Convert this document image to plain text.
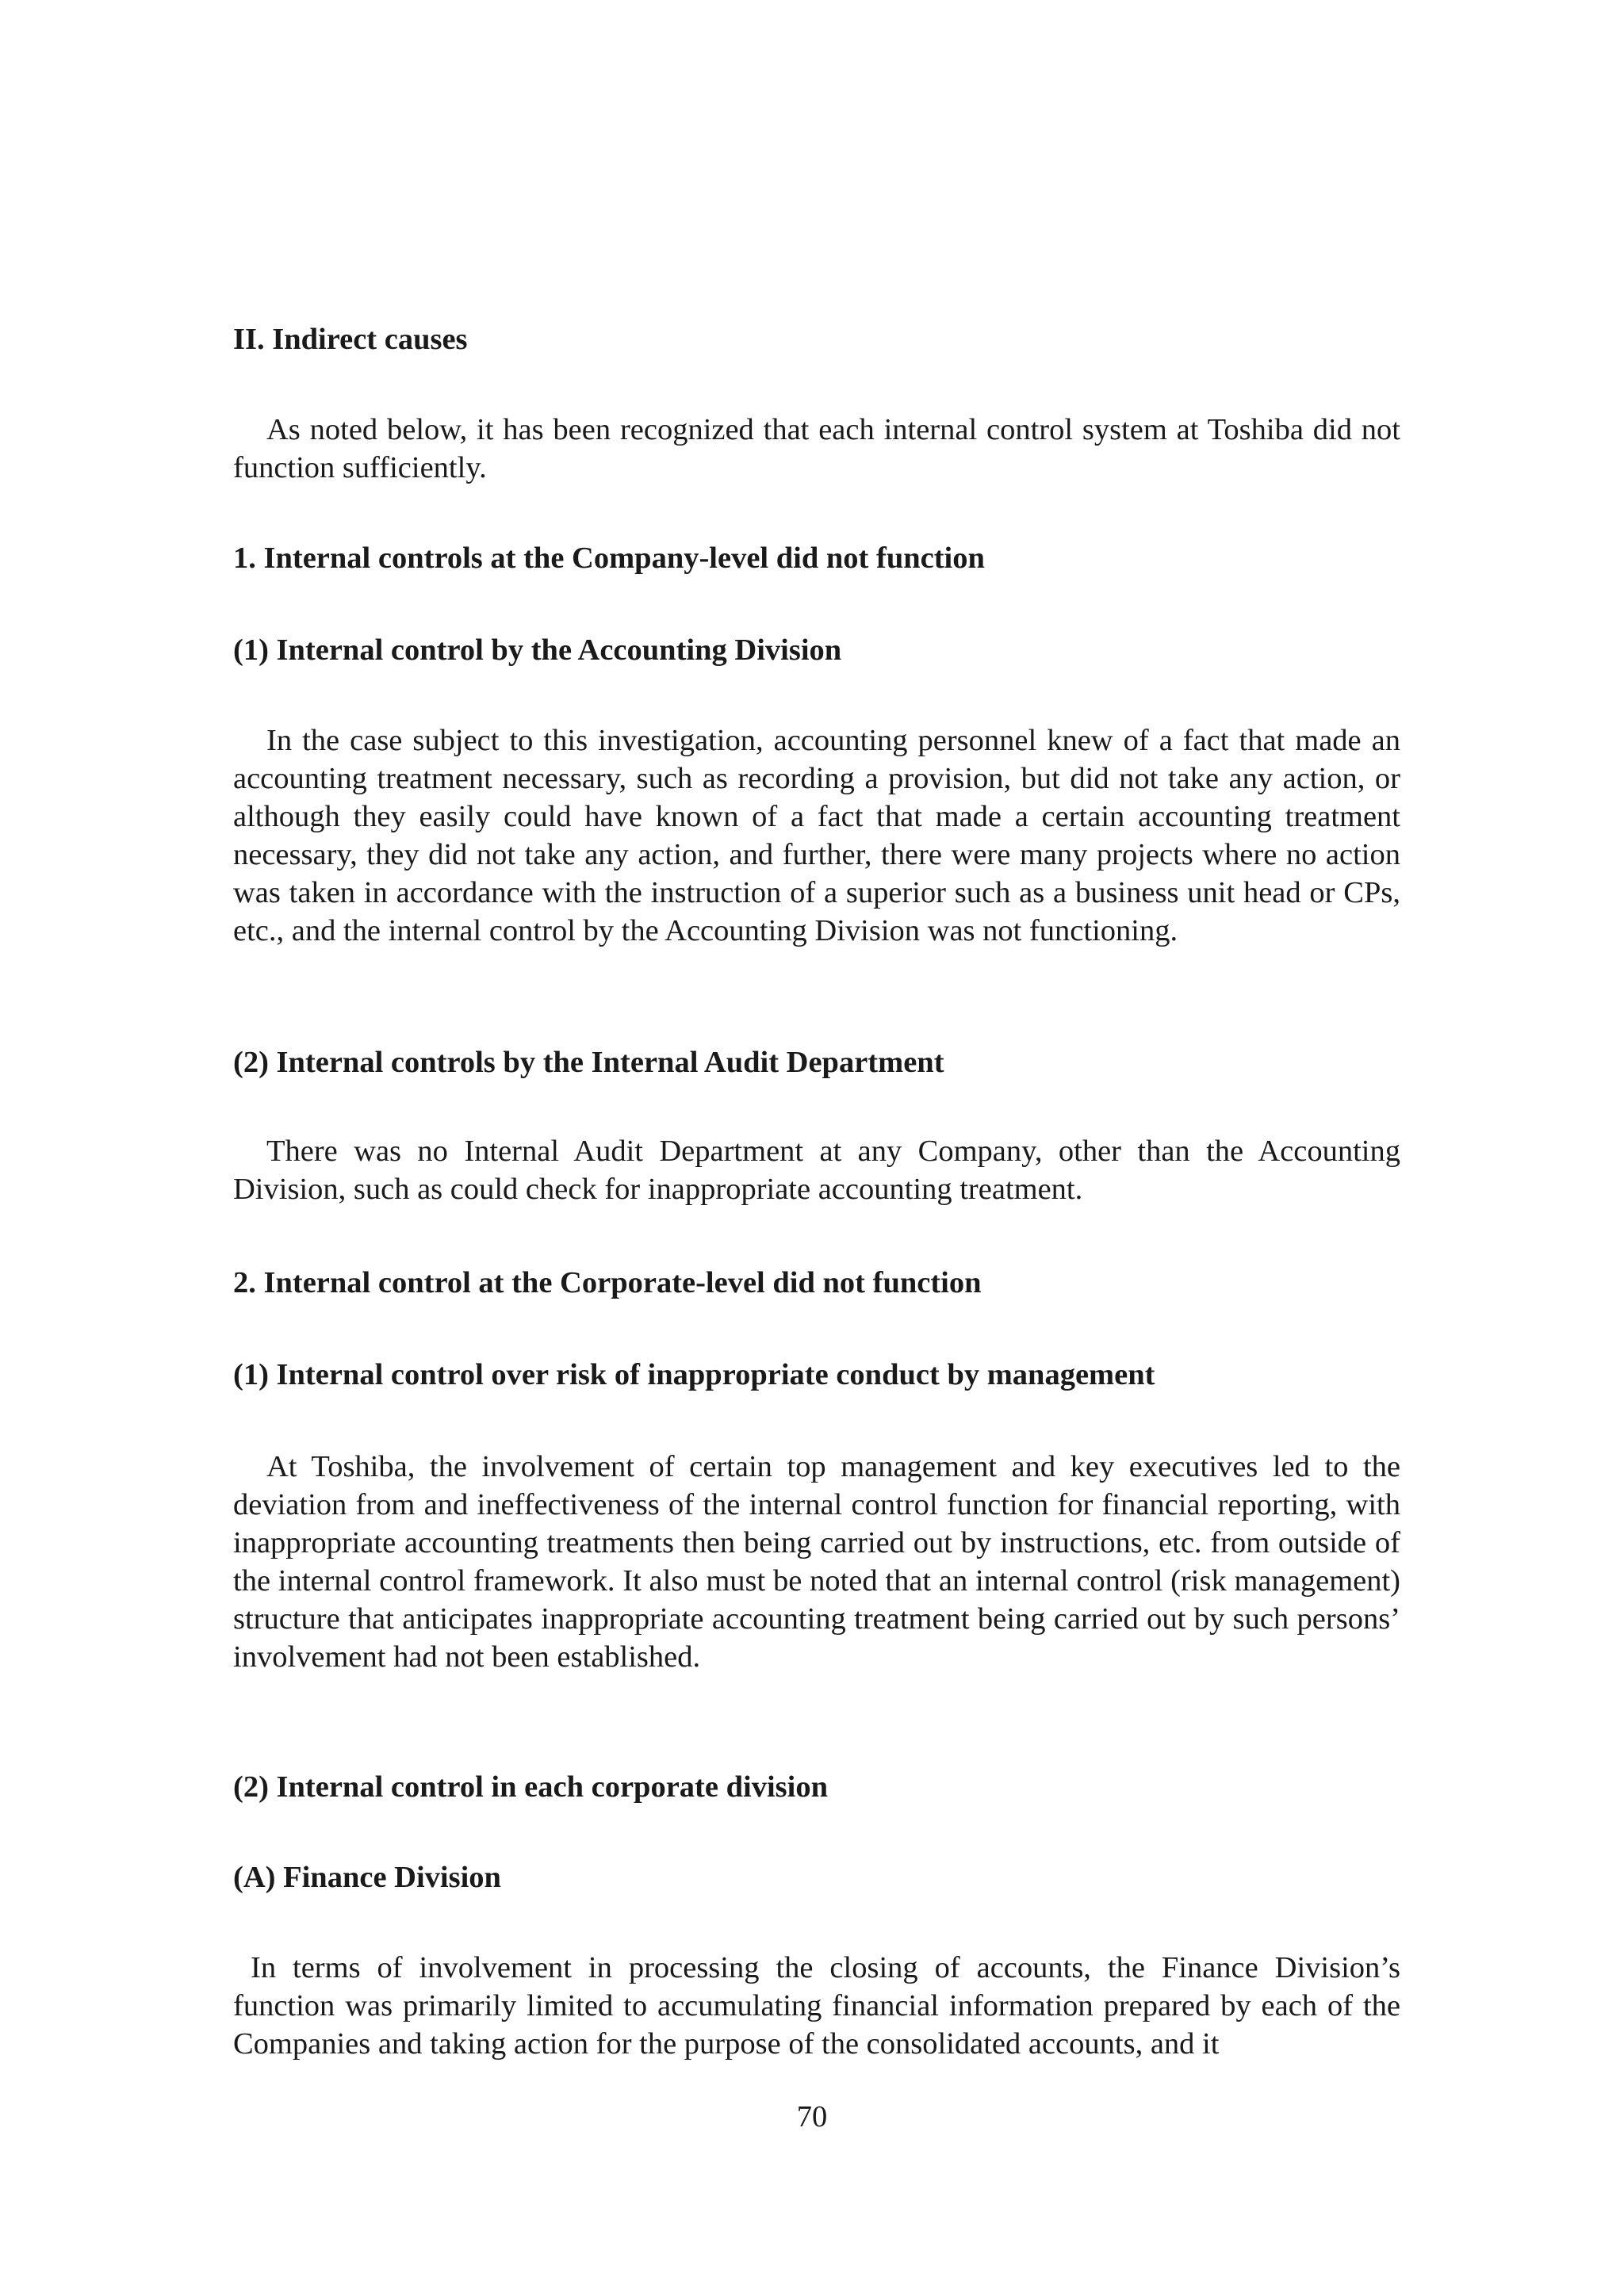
II. Indirect causes

As noted below, it has been recognized that each internal control system at Toshiba did not function sufficiently.

1. Internal controls at the Company-level did not function
(1) Internal control by the Accounting Division

In the case subject to this investigation, accounting personnel knew of a fact that made an accounting treatment necessary, such as recording a provision, but did not take any action, or although they easily could have known of a fact that made a certain accounting treatment necessary, they did not take any action, and further, there were many projects where no action was taken in accordance with the instruction of a superior such as a business unit head or CPs, etc., and the internal control by the Accounting Division was not functioning.

(2) Internal controls by the Internal Audit Department

There was no Internal Audit Department at any Company, other than the Accounting Division, such as could check for inappropriate accounting treatment.

2. Internal control at the Corporate-level did not function
(1) Internal control over risk of inappropriate conduct by management

At Toshiba, the involvement of certain top management and key executives led to the deviation from and ineffectiveness of the internal control function for financial reporting, with inappropriate accounting treatments then being carried out by instructions, etc. from outside of the internal control framework. It also must be noted that an internal control (risk management) structure that anticipates inappropriate accounting treatment being carried out by such persons’ involvement had not been established.

(2) Internal control in each corporate division
(A) Finance Division

In terms of involvement in processing the closing of accounts, the Finance Division’s function was primarily limited to accumulating financial information prepared by each of the Companies and taking action for the purpose of the consolidated accounts, and it

70
